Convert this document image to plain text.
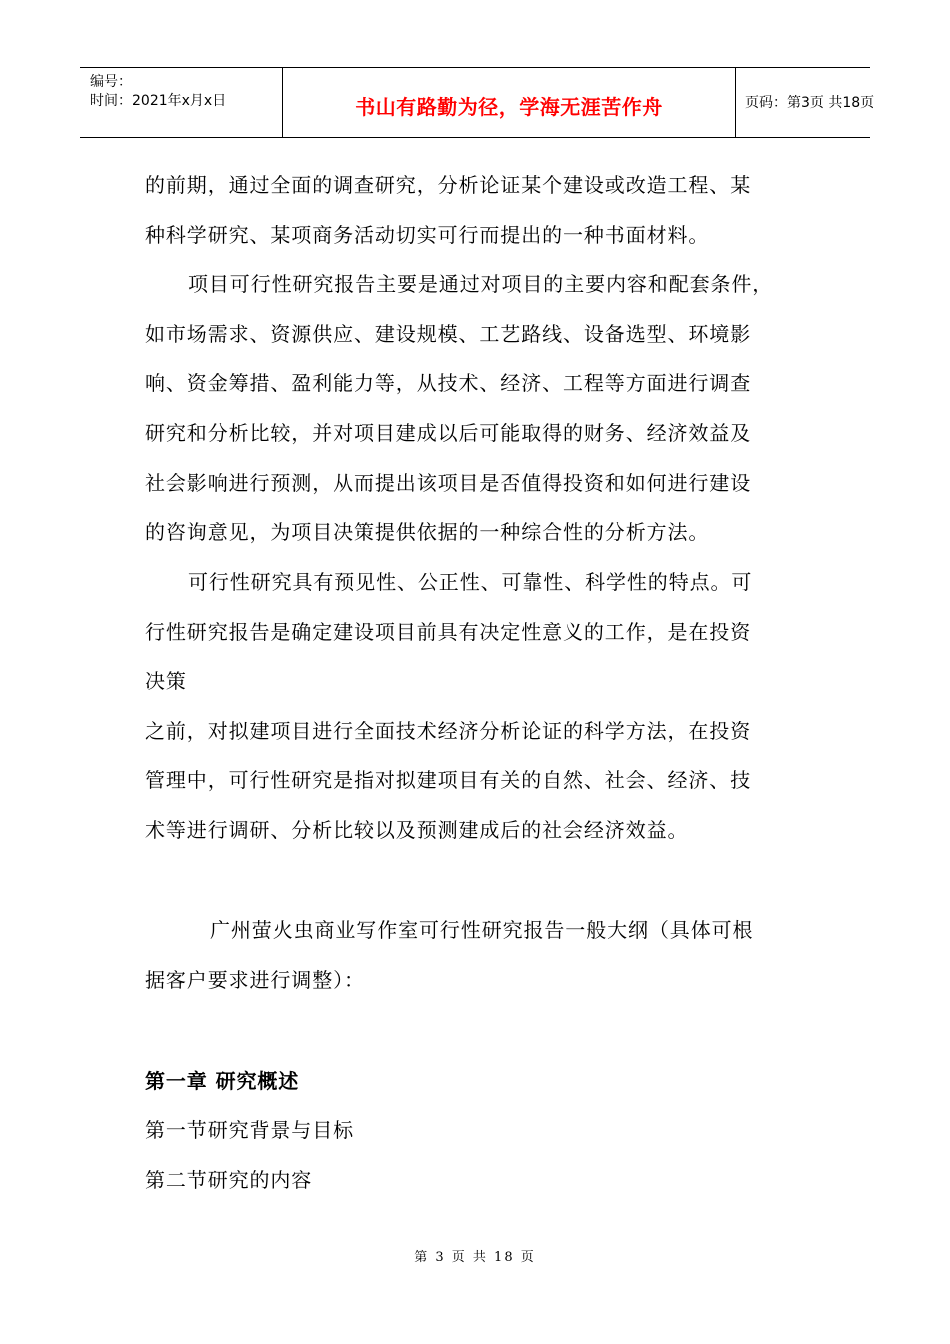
编号：
时间：2021年x月x日	书山有路勤为径，学海无涯苦作舟	页码：第3页 共18页
的前期，通过全面的调查研究，分析论证某个建设或改造工程、某
种科学研究、某项商务活动切实可行而提出的一种书面材料。
项目可行性研究报告主要是通过对项目的主要内容和配套条件，
如市场需求、资源供应、建设规模、工艺路线、设备选型、环境影
响、资金筹措、盈利能力等，从技术、经济、工程等方面进行调查
研究和分析比较，并对项目建成以后可能取得的财务、经济效益及
社会影响进行预测，从而提出该项目是否值得投资和如何进行建设
的咨询意见，为项目决策提供依据的一种综合性的分析方法。
可行性研究具有预见性、公正性、可靠性、科学性的特点。可
行性研究报告是确定建设项目前具有决定性意义的工作，是在投资
决策
之前，对拟建项目进行全面技术经济分析论证的科学方法，在投资
管理中，可行性研究是指对拟建项目有关的自然、社会、经济、技
术等进行调研、分析比较以及预测建成后的社会经济效益。
广州萤火虫商业写作室可行性研究报告一般大纲（具体可根
据客户要求进行调整）：
第一章 研究概述
第一节研究背景与目标
第二节研究的内容
第 3 页 共 18 页
